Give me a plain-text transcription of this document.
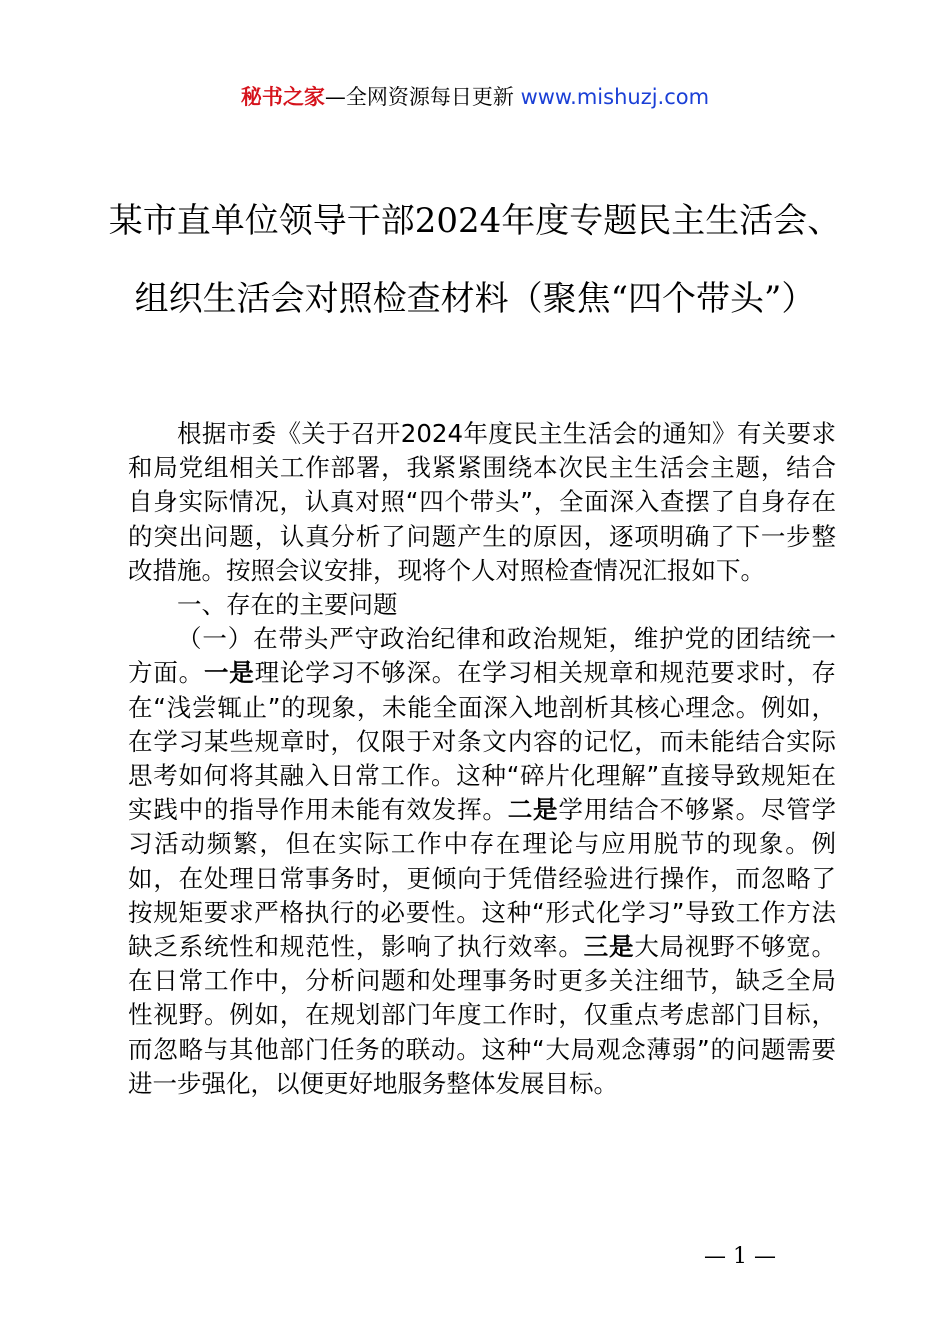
秘书之家—全网资源每日更新 www.mishuzj.com
某市直单位领导干部2024年度专题民主生活会、组织生活会对照检查材料（聚焦“四个带头”）

根据市委《关于召开2024年度民主生活会的通知》有关要求和局党组相关工作部署，我紧紧围绕本次民主生活会主题，结合自身实际情况，认真对照“四个带头”，全面深入查摆了自身存在的突出问题，认真分析了问题产生的原因，逐项明确了下一步整改措施。按照会议安排，现将个人对照检查情况汇报如下。

一、存在的主要问题

（一）在带头严守政治纪律和政治规矩，维护党的团结统一方面。一是理论学习不够深。在学习相关规章和规范要求时，存在“浅尝辄止”的现象，未能全面深入地剖析其核心理念。例如，在学习某些规章时，仅限于对条文内容的记忆，而未能结合实际思考如何将其融入日常工作。这种“碎片化理解”直接导致规矩在实践中的指导作用未能有效发挥。二是学用结合不够紧。尽管学习活动频繁，但在实际工作中存在理论与应用脱节的现象。例如，在处理日常事务时，更倾向于凭借经验进行操作，而忽略了按规矩要求严格执行的必要性。这种“形式化学习”导致工作方法缺乏系统性和规范性，影响了执行效率。三是大局视野不够宽。在日常工作中，分析问题和处理事务时更多关注细节，缺乏全局性视野。例如，在规划部门年度工作时，仅重点考虑部门目标，而忽略与其他部门任务的联动。这种“大局观念薄弱”的问题需要进一步强化，以便更好地服务整体发展目标。

— 1 —
